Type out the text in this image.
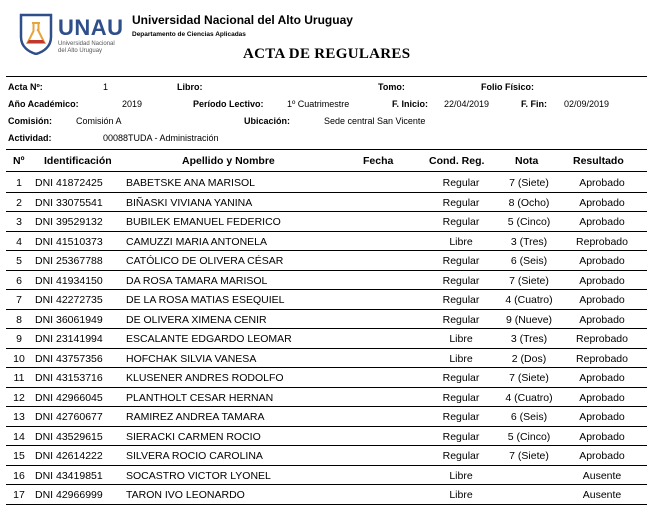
UNAU
Universidad Nacional del Alto Uruguay
Universidad Nacional del Alto Uruguay
Departamento de Ciencias Aplicadas
ACTA DE REGULARES
Acta Nº:	1	Libro:	Tomo:	Folio Físico:
Año Académico:	2019	Período Lectivo:	1º Cuatrimestre	F. Inicio: 22/04/2019	F. Fin: 02/09/2019
Comisión:	Comisión A	Ubicación:	Sede central San Vicente
Actividad:	00088TUDA - Administración
Nº Identificación	Apellido y Nombre	Fecha	Cond. Reg.	Nota	Resultado
1	DNI 41872425 BABETSKE ANA MARISOL	Regular	7 (Siete)	Aprobado
2	DNI 33075541 BIÑASKI VIVIANA YANINA	Regular	8 (Ocho)	Aprobado
3	DNI 39529132 BUBILEK EMANUEL FEDERICO	Regular	5 (Cinco)	Aprobado
4	DNI 41510373 CAMUZZI MARIA ANTONELA	Libre	3 (Tres)	Reprobado
5	DNI 25367788 CATÓLICO DE OLIVERA CÉSAR	Regular	6 (Seis)	Aprobado
6	DNI 41934150 DA ROSA TAMARA MARISOL	Regular	7 (Siete)	Aprobado
7	DNI 42272735 DE LA ROSA MATIAS ESEQUIEL	Regular	4 (Cuatro)	Aprobado
8	DNI 36061949 DE OLIVERA XIMENA CENIR	Regular	9 (Nueve)	Aprobado
9	DNI 23141994 ESCALANTE EDGARDO LEOMAR	Libre	3 (Tres)	Reprobado
10 DNI 43757356 HOFCHAK SILVIA VANESA	Libre	2 (Dos)	Reprobado
11	DNI 43153716 KLUSENER ANDRES RODOLFO	Regular	7 (Siete)	Aprobado
12 DNI 42966045 PLANTHOLT CESAR HERNAN	Regular	4 (Cuatro)	Aprobado
13 DNI 42760677 RAMIREZ ANDREA TAMARA	Regular	6 (Seis)	Aprobado
14 DNI 43529615 SIERACKI CARMEN ROCIO	Regular	5 (Cinco)	Aprobado
15 DNI 42614222 SILVERA ROCIO CAROLINA	Regular	7 (Siete)	Aprobado
16 DNI 43419851 SOCASTRO VICTOR LYONEL	Libre	Ausente
17 DNI 42966999 TARON IVO LEONARDO	Libre	Ausente
